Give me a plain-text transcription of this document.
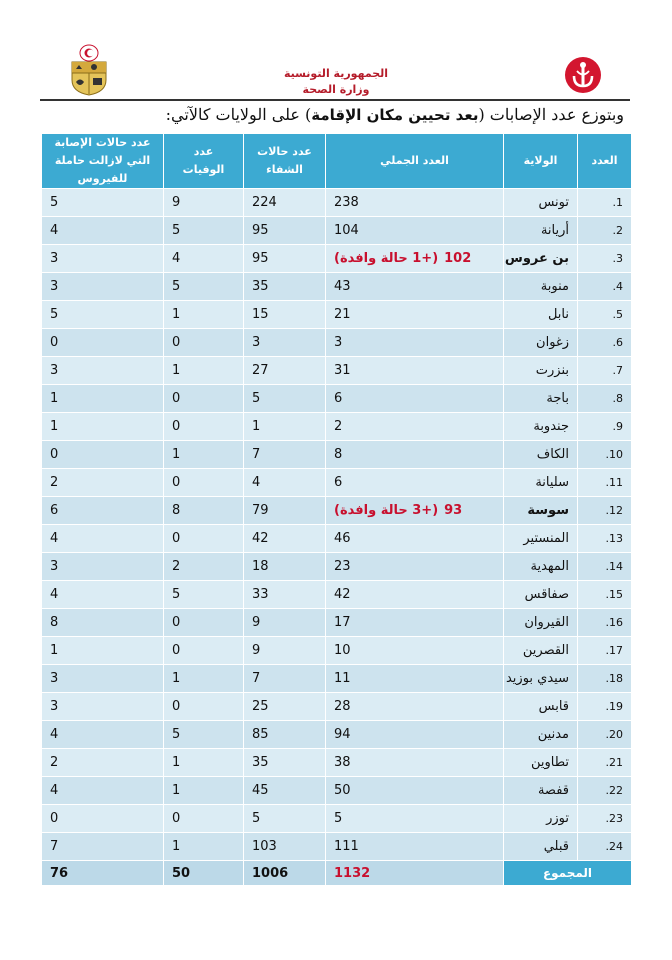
الجمهورية التونسية
وزارة الصحة
وبتوزع عدد الإصابات (بعد تحيين مكان الإقامة) على الولايات كالآتي:
العدد	الولاية	العدد الجملي	عدد حالات الشفاء	عدد الوفيات	عدد حالات الإصابة التي لازالت حاملة للفيروس
1.	تونس	238	224	9	5
2.	أريانة	104	95	5	4
3.	بن عروس	102(+1 حالة وافدة)	95	4	3
4.	منوبة	43	35	5	3
5.	نابل	21	15	1	5
6.	زغوان	3	3	0	0
7.	بنزرت	31	27	1	3
8.	باجة	6	5	0	1
9.	جندوبة	2	1	0	1
10.	الكاف	8	7	1	0
11.	سليانة	6	4	0	2
12.	سوسة	93(+3 حالة وافدة)	79	8	6
13.	المنستير	46	42	0	4
14.	المهدية	23	18	2	3
15.	صفاقس	42	33	5	4
16.	القيروان	17	9	0	8
17.	القصرين	10	9	0	1
18.	سيدي بوزيد	11	7	1	3
19.	قابس	28	25	0	3
20.	مدنين	94	85	5	4
21.	تطاوين	38	35	1	2
22.	قفصة	50	45	1	4
23.	توزر	5	5	0	0
24.	قبلي	111	103	1	7
المجموع		1132	1006	50	76
